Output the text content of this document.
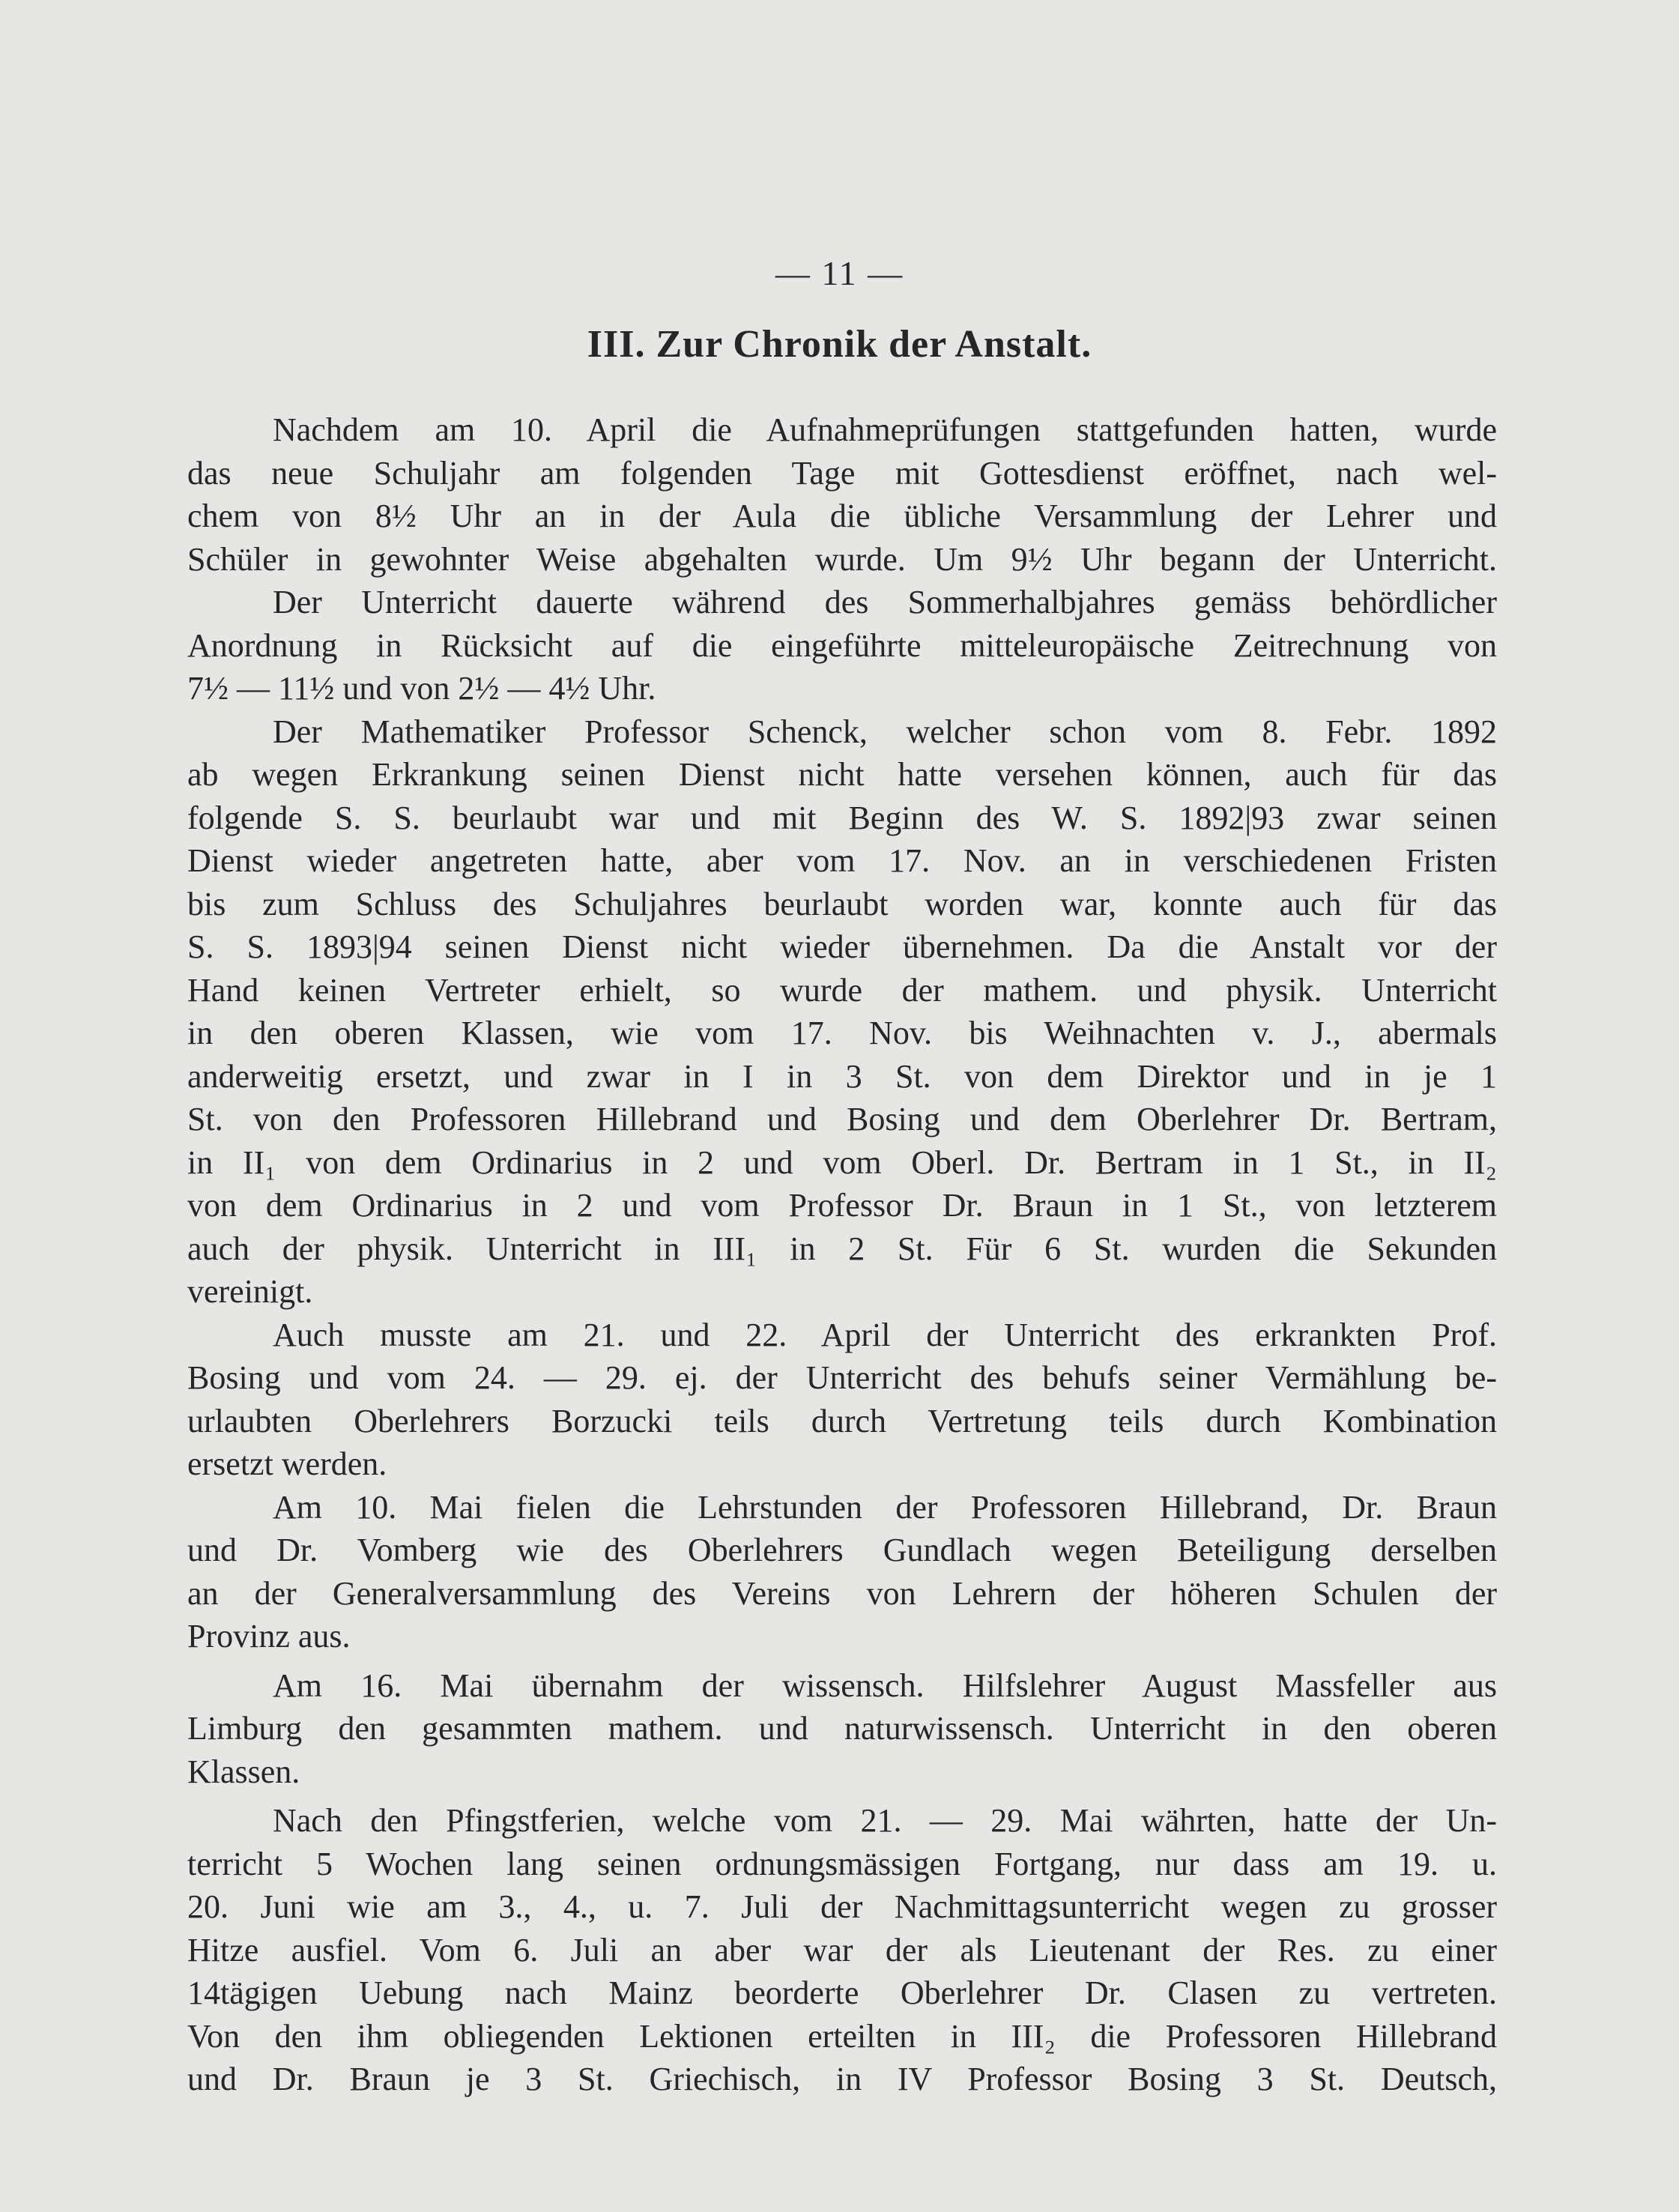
— 11 —
III. Zur Chronik der Anstalt.
Nachdem am 10. April die Aufnahmeprüfungen stattgefunden hatten, wurde
das neue Schuljahr am folgenden Tage mit Gottesdienst eröffnet, nach wel-
chem von 8½ Uhr an in der Aula die übliche Versammlung der Lehrer und
Schüler in gewohnter Weise abgehalten wurde. Um 9½ Uhr begann der Unterricht.
Der Unterricht dauerte während des Sommerhalbjahres gemäss behördlicher
Anordnung in Rücksicht auf die eingeführte mitteleuropäische Zeitrechnung von
7½ — 11½ und von 2½ — 4½ Uhr.
Der Mathematiker Professor Schenck, welcher schon vom 8. Febr. 1892
ab wegen Erkrankung seinen Dienst nicht hatte versehen können, auch für das
folgende S. S. beurlaubt war und mit Beginn des W. S. 1892|93 zwar seinen
Dienst wieder angetreten hatte, aber vom 17. Nov. an in verschiedenen Fristen
bis zum Schluss des Schuljahres beurlaubt worden war, konnte auch für das
S. S. 1893|94 seinen Dienst nicht wieder übernehmen. Da die Anstalt vor der
Hand keinen Vertreter erhielt, so wurde der mathem. und physik. Unterricht
in den oberen Klassen, wie vom 17. Nov. bis Weihnachten v. J., abermals
anderweitig ersetzt, und zwar in I in 3 St. von dem Direktor und in je 1
St. von den Professoren Hillebrand und Bosing und dem Oberlehrer Dr. Bertram,
in II₁ von dem Ordinarius in 2 und vom Oberl. Dr. Bertram in 1 St., in II₂
von dem Ordinarius in 2 und vom Professor Dr. Braun in 1 St., von letzterem
auch der physik. Unterricht in III₁ in 2 St. Für 6 St. wurden die Sekunden
vereinigt.
Auch musste am 21. und 22. April der Unterricht des erkrankten Prof.
Bosing und vom 24. — 29. ej. der Unterricht des behufs seiner Vermählung be-
urlaubten Oberlehrers Borzucki teils durch Vertretung teils durch Kombination
ersetzt werden.
Am 10. Mai fielen die Lehrstunden der Professoren Hillebrand, Dr. Braun
und Dr. Vomberg wie des Oberlehrers Gundlach wegen Beteiligung derselben
an der Generalversammlung des Vereins von Lehrern der höheren Schulen der
Provinz aus.
Am 16. Mai übernahm der wissensch. Hilfslehrer August Massfeller aus
Limburg den gesammten mathem. und naturwissensch. Unterricht in den oberen
Klassen.
Nach den Pfingstferien, welche vom 21. — 29. Mai währten, hatte der Un-
terricht 5 Wochen lang seinen ordnungsmässigen Fortgang, nur dass am 19. u.
20. Juni wie am 3., 4., u. 7. Juli der Nachmittagsunterricht wegen zu grosser
Hitze ausfiel. Vom 6. Juli an aber war der als Lieutenant der Res. zu einer
14tägigen Uebung nach Mainz beorderte Oberlehrer Dr. Clasen zu vertreten.
Von den ihm obliegenden Lektionen erteilten in III₂ die Professoren Hillebrand
und Dr. Braun je 3 St. Griechisch, in IV Professor Bosing 3 St. Deutsch,
